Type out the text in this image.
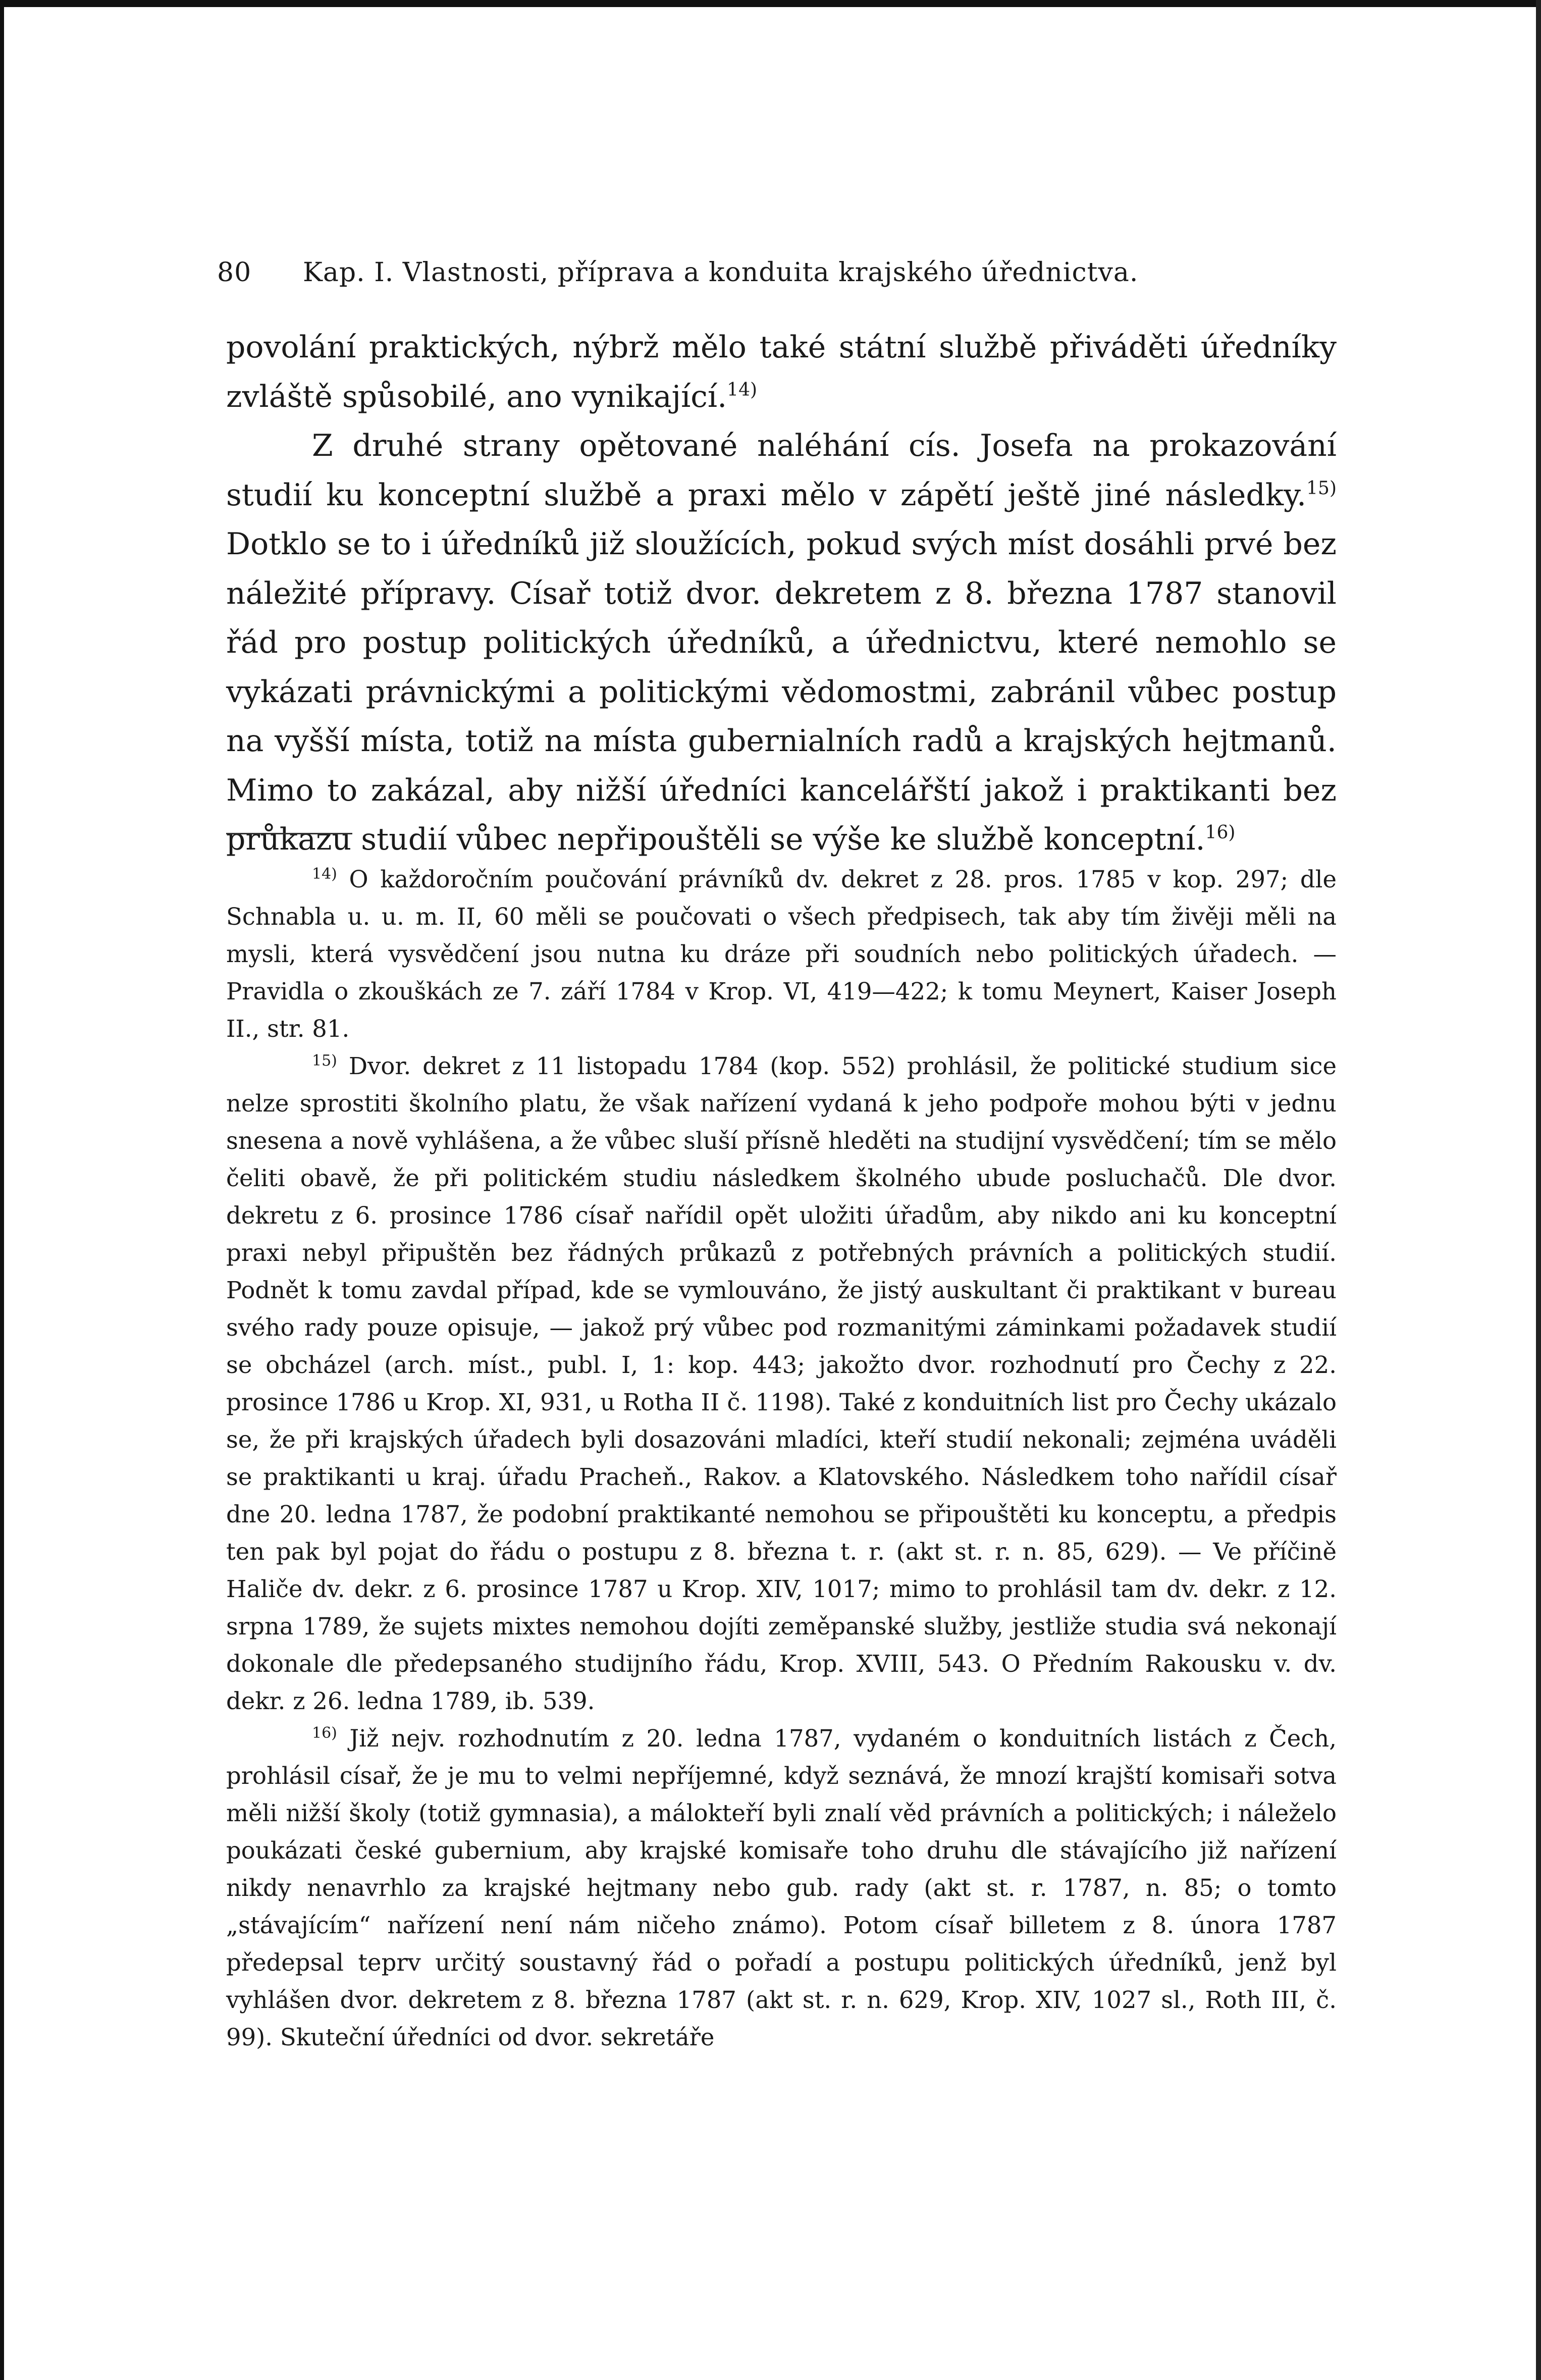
80 Kap. I. Vlastnosti, příprava a konduita krajského úřednictva.

povolání praktických, nýbrž mělo také státní službě přiváděti úředníky zvláště spůsobilé, ano vynikající.$^{14)}$

Z druhé strany opětované naléhání cís. Josefa na prokazování studií ku konceptní službě a praxi mělo v zápětí ještě jiné následky.$^{15)}$ Dotklo se to i úředníků již sloužících, pokud svých míst dosáhli prvé bez náležité přípravy. Císař totiž dvor. dekretem z 8. března 1787 stanovil řád pro postup politických úředníků, a úřednictvu, které nemohlo se vykázati právnickými a politickými vědomostmi, zabránil vůbec postup na vyšší místa, totiž na místa gubernialních radů a krajských hejtmanů. Mimo to zakázal, aby nižší úředníci kancelářští jakož i praktikanti bez průkazu studií vůbec nepřipouštěli se výše ke službě konceptní.$^{16)}$

$^{14)}$ O každoročním poučování právníků dv. dekret z 28. pros. 1785 v kop. 297; dle Schnabla u. u. m. II, 60 měli se poučovati o všech předpisech, tak aby tím živěji měli na mysli, která vysvědčení jsou nutna ku dráze při soudních nebo politických úřadech. — Pravidla o zkouškách ze 7. září 1784 v Krop. VI, 419—422; k tomu Meynert, Kaiser Joseph II., str. 81.

$^{15)}$ Dvor. dekret z 11 listopadu 1784 (kop. 552) prohlásil, že politické studium sice nelze sprostiti školního platu, že však nařízení vydaná k jeho podpoře mohou býti v jednu snesena a nově vyhlášena, a že vůbec sluší přísně hleděti na studijní vysvědčení; tím se mělo čeliti obavě, že při politickém studiu následkem školného ubude posluchačů. Dle dvor. dekretu z 6. prosince 1786 císař nařídil opět uložiti úřadům, aby nikdo ani ku konceptní praxi nebyl připuštěn bez řádných průkazů z potřebných právních a politických studií. Podnět k tomu zavdal případ, kde se vymlouváno, že jistý auskultant či praktikant v bureau svého rady pouze opisuje, — jakož prý vůbec pod rozmanitými záminkami požadavek studií se obcházel (arch. míst., publ. I, 1: kop. 443; jakožto dvor. rozhodnutí pro Čechy z 22. prosince 1786 u Krop. XI, 931, u Rotha II č. 1198). Také z konduitních list pro Čechy ukázalo se, že při krajských úřadech byli dosazováni mladíci, kteří studií nekonali; zejména uváděli se praktikanti u kraj. úřadu Pracheň., Rakov. a Klatovského. Následkem toho nařídil císař dne 20. ledna 1787, že podobní praktikanté nemohou se připouštěti ku konceptu, a předpis ten pak byl pojat do řádu o postupu z 8. března t. r. (akt st. r. n. 85, 629). — Ve příčině Haliče dv. dekr. z 6. prosince 1787 u Krop. XIV, 1017; mimo to prohlásil tam dv. dekr. z 12. srpna 1789, že sujets mixtes nemohou dojíti zeměpanské služby, jestliže studia svá nekonají dokonale dle předepsaného studijního řádu, Krop. XVIII, 543. O Předním Rakousku v. dv. dekr. z 26. ledna 1789, ib. 539.

$^{16)}$ Již nejv. rozhodnutím z 20. ledna 1787, vydaném o konduitních listách z Čech, prohlásil císař, že je mu to velmi nepříjemné, když seznává, že mnozí krajští komisaři sotva měli nižší školy (totiž gymnasia), a málokteří byli znalí věd právních a politických; i náleželo poukázati české gubernium, aby krajské komisaře toho druhu dle stávajícího již nařízení nikdy nenavrhlo za krajské hejtmany nebo gub. rady (akt st. r. 1787, n. 85; o tomto „stávajícím“ nařízení není nám ničeho známo). Potom císař billetem z 8. února 1787 předepsal teprv určitý soustavný řád o pořadí a postupu politických úředníků, jenž byl vyhlášen dvor. dekretem z 8. března 1787 (akt st. r. n. 629, Krop. XIV, 1027 sl., Roth III, č. 99). Skuteční úředníci od dvor. sekretáře
